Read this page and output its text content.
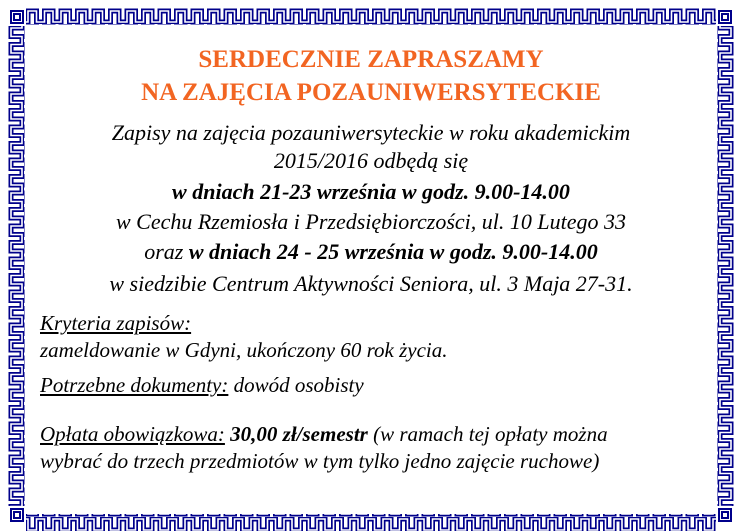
SERDECZNIE ZAPRASZAMY
NA ZAJĘCIA POZAUNIWERSYTECKIE
Zapisy na zajęcia pozauniwersyteckie w roku akademickim
2015/2016 odbędą się
w dniach 21-23 września w godz. 9.00-14.00
w Cechu Rzemiosła i Przedsiębiorczości, ul. 10 Lutego 33
oraz w dniach 24 - 25 września w godz. 9.00-14.00
w siedzibie Centrum Aktywności Seniora, ul. 3 Maja 27-31.
Kryteria zapisów:
zameldowanie w Gdyni, ukończony 60 rok życia.
Potrzebne dokumenty: dowód osobisty
Opłata obowiązkowa: 30,00 zł/semestr (w ramach tej opłaty można
wybrać do trzech przedmiotów w tym tylko jedno zajęcie ruchowe)
